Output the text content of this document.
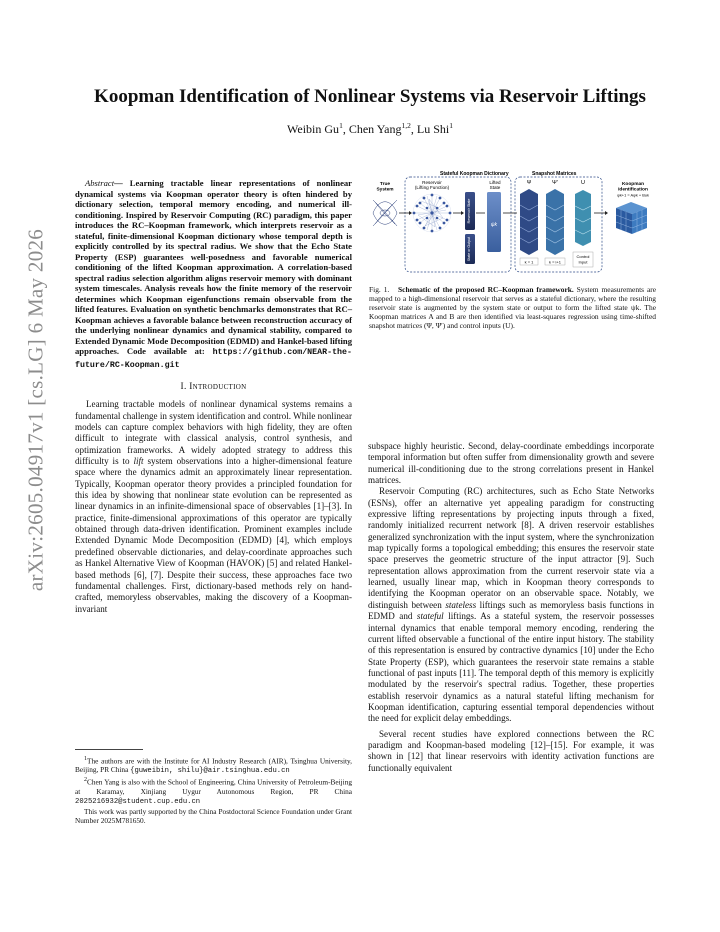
arXiv:2605.04917v1 [cs.LG] 6 May 2026
Koopman Identification of Nonlinear Systems via Reservoir Liftings
Weibin Gu$^1$, Chen Yang$^{1,2}$, Lu Shi$^1$

Abstract— Learning tractable linear representations of nonlinear dynamical systems via Koopman operator theory is often hindered by dictionary selection, temporal memory encoding, and numerical ill-conditioning. Inspired by Reservoir Computing (RC) paradigm, this paper introduces the RC–Koopman framework, which interprets reservoir as a stateful, finite-dimensional Koopman dictionary whose temporal depth is explicitly controlled by its spectral radius. We show that the Echo State Property (ESP) guarantees well-posedness and favorable numerical conditioning of the lifted Koopman approximation. A correlation-based spectral radius selection algorithm aligns reservoir memory with dominant system timescales. Analysis reveals how the finite memory of the reservoir determines which Koopman eigenfunctions remain observable from the lifted features. Evaluation on synthetic benchmarks demonstrates that RC–Koopman achieves a favorable balance between reconstruction accuracy of the underlying nonlinear dynamics and dynamical stability, compared to Extended Dynamic Mode Decomposition (EDMD) and Hankel-based lifting approaches. Code available at: https://github.com/NEAR-the-future/RC-Koopman.git

I. Introduction

Learning tractable models of nonlinear dynamical systems remains a fundamental challenge in system identification and control. While nonlinear models can capture complex behaviors with high fidelity, they are often difficult to integrate with classical analysis, control synthesis, and optimization frameworks. A widely adopted strategy to address this difficulty is to lift system observations into a higher-dimensional feature space where the dynamics admit an approximately linear representation. Typically, Koopman operator theory provides a principled foundation for this idea by showing that nonlinear state evolution can be represented as linear dynamics in an infinite-dimensional space of observables [1]–[3]. In practice, finite-dimensional approximations of this operator are typically obtained through data-driven identification. Prominent examples include Extended Dynamic Mode Decomposition (EDMD) [4], which employs predefined observable dictionaries, and delay-coordinate approaches such as Hankel Alternative View of Koopman (HAVOK) [5] and related Hankel-based methods [6], [7]. Despite their success, these approaches face two fundamental challenges. First, dictionary-based methods rely on hand-crafted, memoryless observables, making the discovery of a Koopman-invariant

$^1$The authors are with the Institute for AI Industry Research (AIR), Tsinghua University, Beijing, PR China {guweibin, shilu}@air.tsinghua.edu.cn

$^2$Chen Yang is also with the School of Engineering, China University of Petroleum-Beijing at Karamay, Xinjiang Uygur Autonomous Region, PR China 2025216932@student.cup.edu.cn

This work was partly supported by the China Postdoctoral Science Foundation under Grant Number 2025M781650.

Stateful Koopman Dictionary	Snapshot Matrices
True
System
Reservoir
(Lifting Function)
Reservoir State
State or Output
Lifted
State
ψk
Ψ	Ψ′	U
k = 1	k = i+1
Control
Input
Koopman
Identification
ψk+1 = Aψk + Buk
Fig. 1. Schematic of the proposed RC–Koopman framework. System measurements are mapped to a high-dimensional reservoir that serves as a stateful dictionary, where the resulting reservoir state is augmented by the system state or output to form the lifted state ψk. The Koopman matrices A and B are then identified via least-squares regression using time-shifted snapshot matrices (Ψ, Ψ′) and control inputs (U).

subspace highly heuristic. Second, delay-coordinate embeddings incorporate temporal information but often suffer from dimensionality growth and severe numerical ill-conditioning due to the strong correlations present in Hankel matrices.

Reservoir Computing (RC) architectures, such as Echo State Networks (ESNs), offer an alternative yet appealing paradigm for constructing expressive lifting representations by projecting inputs through a fixed, randomly initialized recurrent network [8]. A driven reservoir establishes generalized synchronization with the input system, where the synchronization map typically forms a topological embedding; this ensures the reservoir state space preserves the geometric structure of the input attractor [9]. Such representation allows approximation from the current reservoir state via a learned, usually linear map, which in Koopman theory corresponds to identifying the Koopman operator on an observable space. Notably, we distinguish between stateless liftings such as memoryless basis functions in EDMD and stateful liftings. As a stateful system, the reservoir possesses internal dynamics that enable temporal memory encoding, rendering the current lifted observable a functional of the entire input history. The stability of this representation is ensured by contractive dynamics [10] under the Echo State Property (ESP), which guarantees the reservoir state remains a stable functional of past inputs [11]. The temporal depth of this memory is explicitly modulated by the reservoir's spectral radius. Together, these properties establish reservoir dynamics as a natural stateful lifting mechanism for Koopman identification, capturing essential temporal dependencies without the need for explicit delay embeddings.

Several recent studies have explored connections between the RC paradigm and Koopman-based modeling [12]–[15]. For example, it was shown in [12] that linear reservoirs with identity activation functions are functionally equivalent
